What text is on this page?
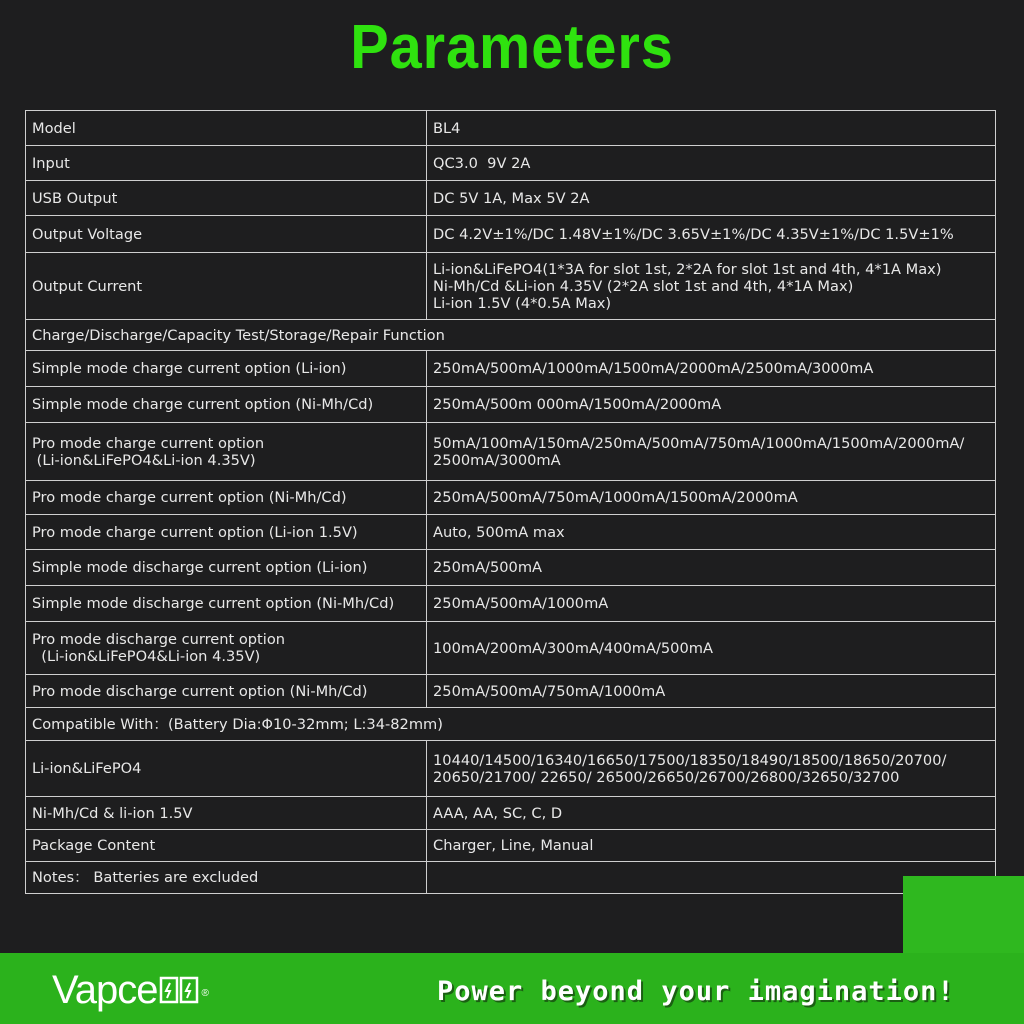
Parameters
Model	BL4
Input	QC3.0  9V 2A
USB Output	DC 5V 1A, Max 5V 2A
Output Voltage	DC 4.2V±1%/DC 1.48V±1%/DC 3.65V±1%/DC 4.35V±1%/DC 1.5V±1%
Output Current	Li-ion&LiFePO4(1*3A for slot 1st, 2*2A for slot 1st and 4th, 4*1A Max)
Ni-Mh/Cd &Li-ion 4.35V (2*2A slot 1st and 4th, 4*1A Max)
Li-ion 1.5V (4*0.5A Max)
Charge/Discharge/Capacity Test/Storage/Repair Function	
Simple mode charge current option (Li-ion)	250mA/500mA/1000mA/1500mA/2000mA/2500mA/3000mA
Simple mode charge current option (Ni-Mh/Cd)	250mA/500m 000mA/1500mA/2000mA
Pro mode charge current option
(Li-ion&LiFePO4&Li-ion 4.35V)	50mA/100mA/150mA/250mA/500mA/750mA/1000mA/1500mA/2000mA/
2500mA/3000mA
Pro mode charge current option (Ni-Mh/Cd)	250mA/500mA/750mA/1000mA/1500mA/2000mA
Pro mode charge current option (Li-ion 1.5V)	Auto, 500mA max
Simple mode discharge current option (Li-ion)	250mA/500mA
Simple mode discharge current option (Ni-Mh/Cd)	250mA/500mA/1000mA
Pro mode discharge current option
(Li-ion&LiFePO4&Li-ion 4.35V)	100mA/200mA/300mA/400mA/500mA
Pro mode discharge current option (Ni-Mh/Cd)	250mA/500mA/750mA/1000mA
Compatible With：(Battery Dia:Φ10-32mm; L:34-82mm)	
Li-ion&LiFePO4	10440/14500/16340/16650/17500/18350/18490/18500/18650/20700/
20650/21700/ 22650/ 26500/26650/26700/26800/32650/32700
Ni-Mh/Cd & li-ion 1.5V	AAA, AA, SC, C, D
Package Content	Charger, Line, Manual
Notes： Batteries are excluded	
Vapce	®	Power beyond your imagination!
